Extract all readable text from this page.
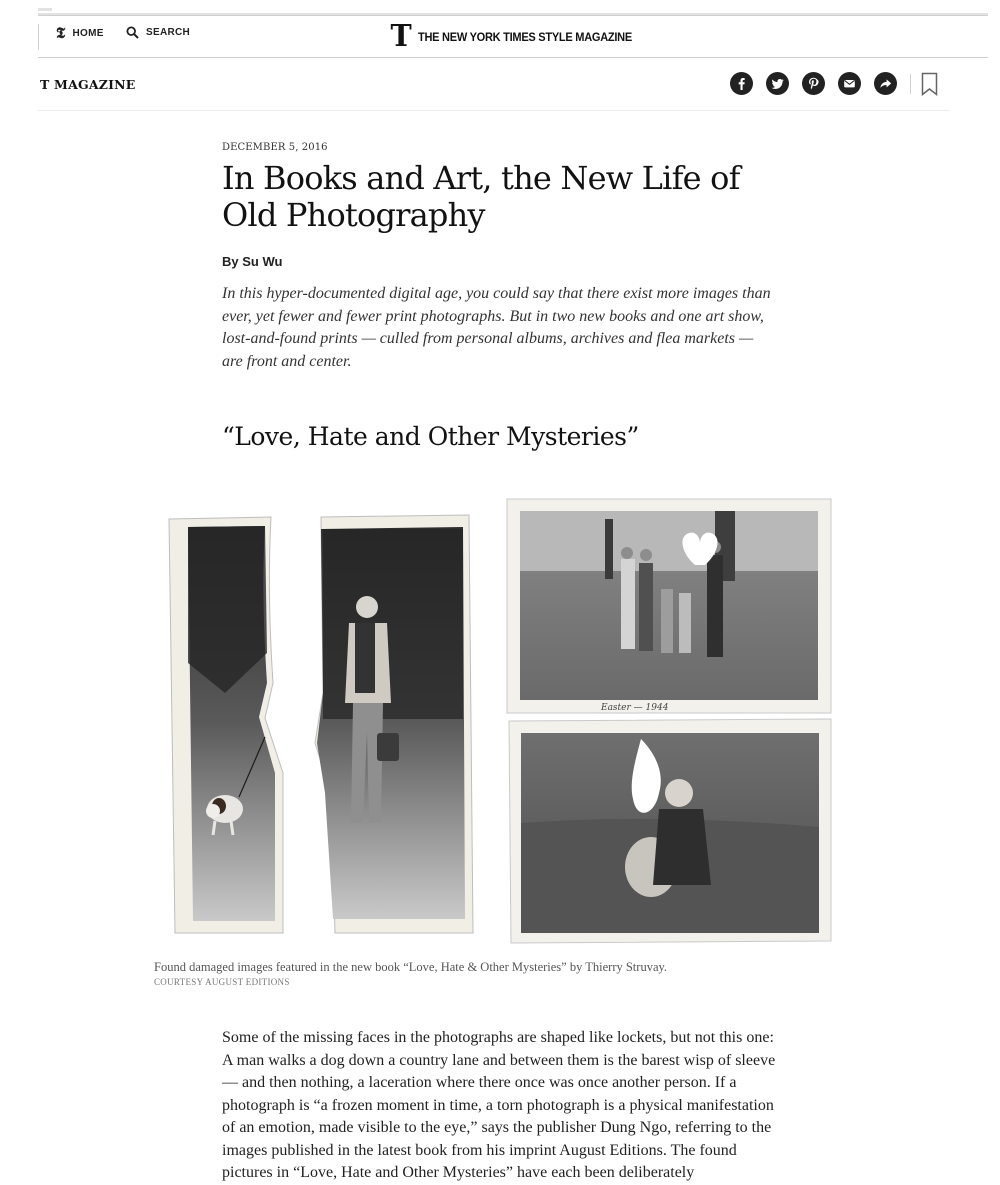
𝕿 HOME	SEARCH	T THE NEW YORK TIMES STYLE MAGAZINE
T MAGAZINE
DECEMBER 5, 2016
In Books and Art, the New Life of Old Photography
By Su Wu

In this hyper-documented digital age, you could say that there exist more images than ever, yet fewer and fewer print photographs. But in two new books and one art show, lost-and-found prints — culled from personal albums, archives and flea markets — are front and center.

“Love, Hate and Other Mysteries”
Easter — 1944
Found damaged images featured in the new book “Love, Hate & Other Mysteries” by Thierry Struvay.
COURTESY AUGUST EDITIONS

Some of the missing faces in the photographs are shaped like lockets, but not this one: A man walks a dog down a country lane and between them is the barest wisp of sleeve — and then nothing, a laceration where there once was once another person. If a photograph is “a frozen moment in time, a torn photograph is a physical manifestation of an emotion, made visible to the eye,” says the publisher Dung Ngo, referring to the images published in the latest book from his imprint August Editions. The found pictures in “Love, Hate and Other Mysteries” have each been deliberately
